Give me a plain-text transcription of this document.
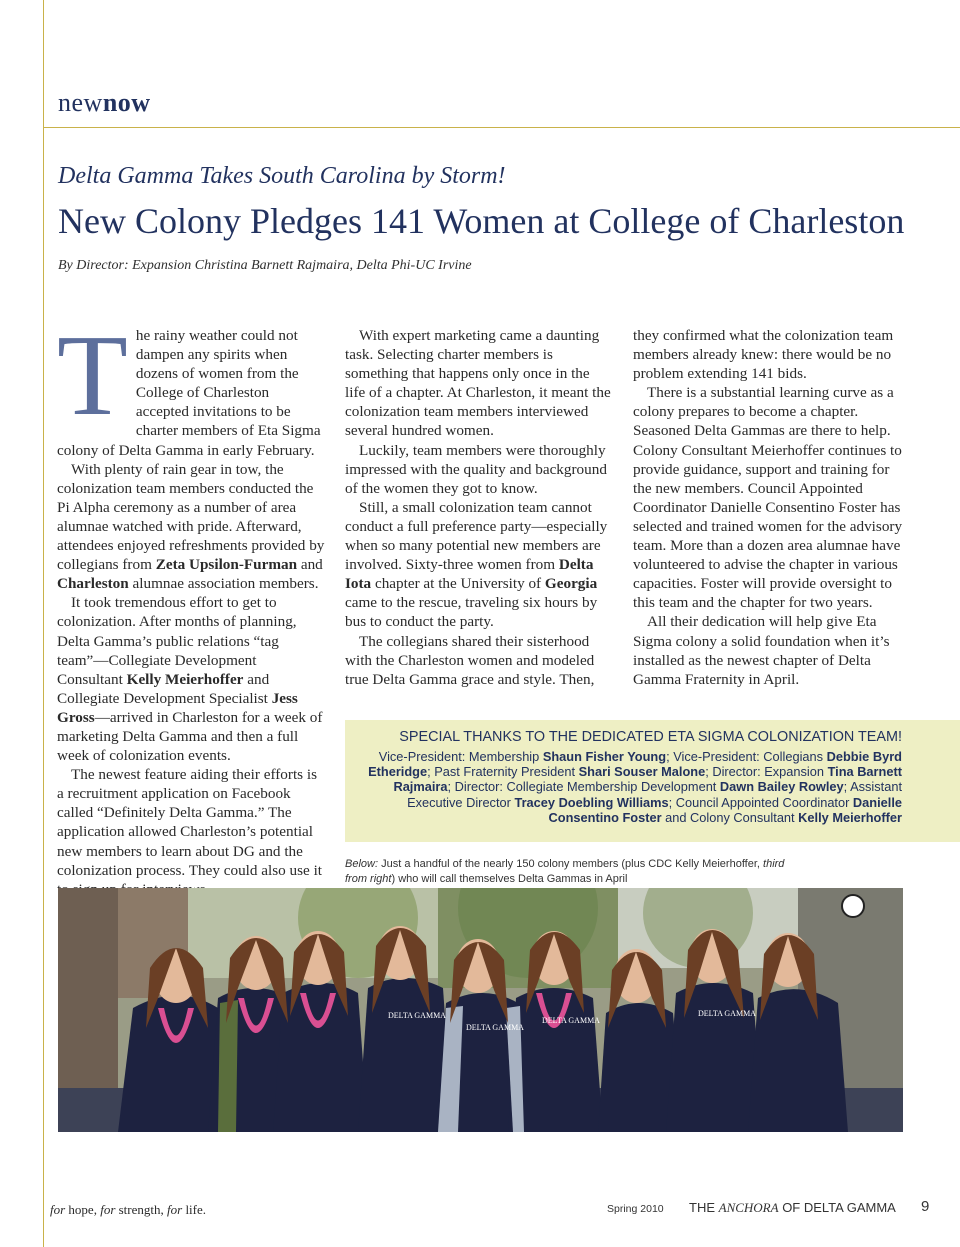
newnow
Delta Gamma Takes South Carolina by Storm!
New Colony Pledges 141 Women at College of Charleston
By Director: Expansion Christina Barnett Rajmaira, Delta Phi-UC Irvine

The rainy weather could not dampen any spirits when dozens of women from the College of Charleston accepted invitations to be charter members of Eta Sigma colony of Delta Gamma in early February.

With plenty of rain gear in tow, the colonization team members conducted the Pi Alpha ceremony as a number of area alumnae watched with pride. Afterward, attendees enjoyed refreshments provided by collegians from Zeta Upsilon-Furman and Charleston alumnae association members.

It took tremendous effort to get to colonization. After months of planning, Delta Gamma’s public relations “tag team”—Collegiate Development Consultant Kelly Meierhoffer and Collegiate Development Specialist Jess Gross—arrived in Charleston for a week of marketing Delta Gamma and then a full week of colonization events.

The newest feature aiding their efforts is a recruitment application on Facebook called “Definitely Delta Gamma.” The application allowed Charleston’s potential new members to learn about DG and the colonization process. They could also use it

With expert marketing came a daunting task. Selecting charter members is something that happens only once in the life of a chapter. At Charleston, it meant the colonization team members interviewed several hundred women.

Luckily, team members were thoroughly impressed with the quality and background of the women they got to know.

Still, a small colonization team cannot conduct a full preference party—especially when so many potential new members are involved. Sixty-three women from Delta Iota chapter at the University of Georgia came to the rescue, traveling six hours by bus to conduct the party.

The collegians shared their sisterhood with the Charleston women and modeled true Delta Gamma grace and style. Then,

they confirmed what the colonization team members already knew: there would be no problem extending 141 bids.

There is a substantial learning curve as a colony prepares to become a chapter. Seasoned Delta Gammas are there to help. Colony Consultant Meierhoffer continues to provide guidance, support and training for the new members. Council Appointed Coordinator Danielle Consentino Foster has selected and trained women for the advisory team. More than a dozen area alumnae have volunteered to advise the chapter in various capacities. Foster will provide oversight to this team and the chapter for two years.

All their dedication will help give Eta Sigma colony a solid foundation when it’s installed as the newest chapter of Delta Gamma Fraternity in April.

SPECIAL THANKS TO THE DEDICATED ETA SIGMA COLONIZATION TEAM!
Vice-President: Membership Shaun Fisher Young; Vice-President: Collegians Debbie Byrd Etheridge; Past Fraternity President Shari Souser Malone; Director: Expansion Tina Barnett Rajmaira; Director: Collegiate Membership Development Dawn Bailey Rowley; Assistant Executive Director Tracey Doebling Williams; Council Appointed Coordinator Danielle Consentino Foster and Colony Consultant Kelly Meierhoffer
Below: Just a handful of the nearly 150 colony members (plus CDC Kelly Meierhoffer, third from right) who will call themselves Delta Gammas in April
DELTA GAMMA
DELTA GAMMA
DELTA GAMMA
DELTA GAMMA
for hope, for strength, for life.	Spring 2010 THE ANCHORA OF DELTA GAMMA 9
